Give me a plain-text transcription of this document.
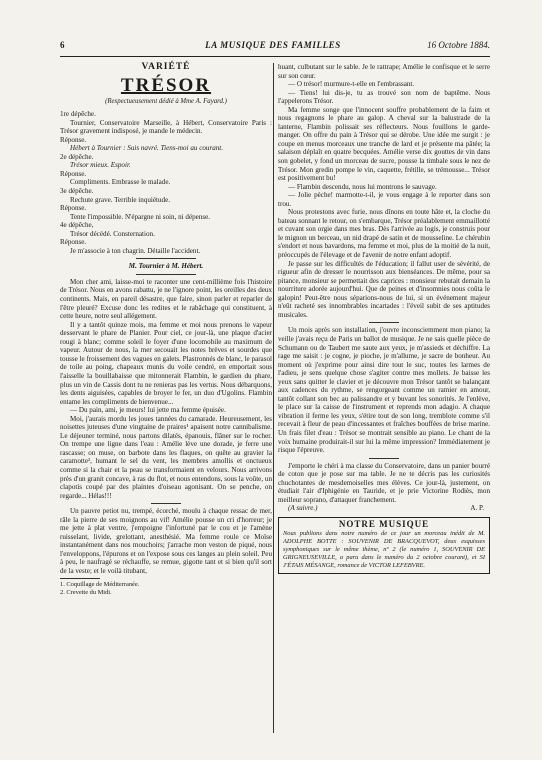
6	LA MUSIQUE DES FAMILLES	16 Octobre 1884.
VARIÉTÉ
TRÉSOR
(Respectueusement dédié à Mme A. Fayard.)

1re dépêche.

Tournier, Conservatoire Marseille, à Hébert, Conservatoire Paris : Trésor gravement indisposé, je mande le médecin.

Réponse.

Hébert à Tournier : Suis navré. Tiens-moi au courant.

2e dépêche.

Trésor mieux. Espoir.

Réponse.

Compliments. Embrasse le malade.

3e dépêche.

Rechute grave. Terrible inquiétude.

Réponse.

Tente l'impossible. N'épargne ni soin, ni dépense.

4e dépêche,

Trésor décédé. Consternation.

Réponse.

Je m'associe à ton chagrin. Détaille l'accident.

M. Tournier à M. Hébert.

Mon cher ami, laisse-moi te raconter une cent-millième fois l'histoire de Trésor. Nous en avons rabattu, je ne l'ignore point, les oreilles des deux continents. Mais, en pareil désastre, que faire, sinon parler et reparler de l'être pleuré? Excuse donc les redites et le rabâchage qui constituent, à cette heure, notre seul allégement.

Il y a tantôt quinze mois, ma femme et moi nous prenons le vapeur desservant le phare de Planier. Pour ciel, ce jour-là, une plaque d'acier rougi à blanc; comme soleil le foyer d'une locomobile au maximum de vapeur. Autour de nous, la mer secouait les notes brèves et sourdes que tousse le froissement des vagues en galets. Plastronnés de blanc, le parasol de toile au poing, chapeaux munis du voile cendré, en emportait sous l'aisselle la bouillabaisse que mitonnerait Flambin, le gardien du phare, plus un vin de Cassis dont tu ne renieras pas les vertus. Nous débarquons, les dents aiguisées, capables de broyer le fer, un duo d'Ugolins. Flambin entame les compliments de bienvenue...

— Du pain, ami, je meurs! lui jette ma femme épuisée.

Moi, j'aurais mordu les joues tannées du camarade. Heureusement, les noisettes juteuses d'une vingtaine de praires¹ apaisent notre cannibalisme. Le déjeuner terminé, nous partons dilatés, épanouis, flâner sur le rocher. On trempe une ligne dans l'eau : Amélie lève une dorade, je ferre une rascasse; on muse, on barbote dans les flaques, on quête au gravier la caramotte², humant le sel du vent, les membres amollis et onctueux comme si la chair et la peau se transformaient en velours. Nous arrivons près d'un granit concave, à ras du flot, et nous entendons, sous la voûte, un clapotis coupé par des plaintes d'oiseau agonisant. On se penche, on regarde... Hélas!!!

Un pauvre petiot nu, trempé, écorché, moulu à chaque ressac de mer, râle la pierre de ses moignons au vif! Amélie pousse un cri d'horreur; je me jette à plat ventre, j'empoigne l'infortuné par le cou et je l'amène ruisselant, livide, grelottant, anesthésié. Ma femme roule ce Moïse instantanément dans nos mouchoirs; j'arrache mon veston de piqué, nous l'enveloppons, l'épurons et on l'expose sous ces langes au plein soleil. Peu à peu, le naufragé se réchauffe, se remue, gigotte tant et si bien qu'il sort de la veste; et le voilà titubant,

1. Coquillage de Méditerranée.
2. Crevette du Midi.

huant, culbutant sur le sable. Je le rattrape; Amélie le confisque et le serre sur son cœur.

— O trésor! murmure-t-elle en l'embrassant.

— Tiens! lui dis-je, tu as trouvé son nom de baptême. Nous l'appelerons Trésor.

Ma femme songe que l'innocent souffre probablement de la faim et nous regagnons le phare au galop. A cheval sur la balustrade de la lanterne, Flambin polissait ses réflecteurs. Nous fouillons le garde-manger. On offre du pain à Trésor qui se dérobe. Une idée me surgit : je coupe en menus morceaux une tranche de lard et je présente ma pâtée; la salaison déplaît en quatre becquées. Amélie verse dix gouttes de vin dans son gobelet, y fond un morceau de sucre, pousse la timbale sous le nez de Trésor. Mon gredin pompe le vin, caquette, frétille, se trémousse... Trésor est positivement bu!

— Flambin descendu, nous lui montrons le sauvage.

— Jolie pèche! marmotte-t-il, je vous engage à le reporter dans son trou.

Nous protestons avec furie, nous dînons en toute hâte et, la cloche du bateau sonnant le retour, on s'embarque, Trésor préalablement emmaillotté et cuvant son orgie dans mes bras. Dès l'arrivée au logis, je construis pour le mignon un berceau, un nid drapé de satin et de mousseline. Le chérubin s'endort et nous bavardons, ma femme et moi, plus de la moitié de la nuit, préoccupés de l'élevage et de l'avenir de notre enfant adoptif.

Je passe sur les difficultés de l'éducation; il fallut user de sévérité, de rigueur afin de dresser le nourrisson aux bienséances. De même, pour sa pitance, monsieur se permettait des caprices : monsieur rebutait demain la nourriture adorée aujourd'hui. Que de peines et d'insomnies nous coûta le galopin! Peut-être nous séparions-nous de lui, si un événement majeur n'eût racheté ses innombrables incartades : l'éveil subit de ses aptitudes musicales.

Un mois après son installation, j'ouvre inconsciemment mon piano; la veille j'avais reçu de Paris un ballot de musique. Je ne sais quelle pièce de Schumann ou de Taubert me saute aux yeux, je m'assieds et déchiffre. La rage me saisit : je cogne, je pioche, je m'allume, je sacre de bonheur. Au moment où j'exprime pour ainsi dire tout le suc, toutes les larmes de l'adieu, je sens quelque chose s'agiter contre mes mollets. Je baisse les yeux sans quitter le clavier et je découvre mon Trésor tantôt se balançant aux cadences du rythme, se rengorgeant comme un ramier en amour, tantôt collant son bec au palissandre et y buvant les sonorités. Je l'enlève, le place sur la caisse de l'instrument et reprends mon adagio. A chaque vibration il ferme les yeux, s'étire tout de son long, tremblote comme s'il recevait à fleur de peau d'incessantes et fraîches bouffées de brise marine. Un frais filet d'eau : Trésor se montrait sensible au piano. Le chant de la voix humaine produirait-il sur lui la même impression? Immédiatement je risque l'épreuve.

J'emporte le chéri à ma classe du Conservatoire, dans un panier bourré de coton que je pose sur ma table. Je ne te décris pas les curiosités chuchotantes de mesdemoiselles mes élèves. Ce jour-là, justement, on étudiait l'air d'Iphigénie en Tauride, et je prie Victorine Rodiès, mon meilleur soprano, d'attaquer franchement.

(A suivre.)	A. P.
NOTRE MUSIQUE
Nous publions dans notre numéro de ce jour un morceau inédit de M. ADOLPHE BOTTE : SOUVENIR DE BRACQUEVOT, deux esquisses symphoniques sur le même thème, nº 2 (le numéro 1, SOUVENIR DE GRIGNEUSEVILLE, a paru dans le numéro du 2 octobre courant), et SI J'ÉTAIS MÉSANGE, romance de VICTOR LEFEBVRE.
